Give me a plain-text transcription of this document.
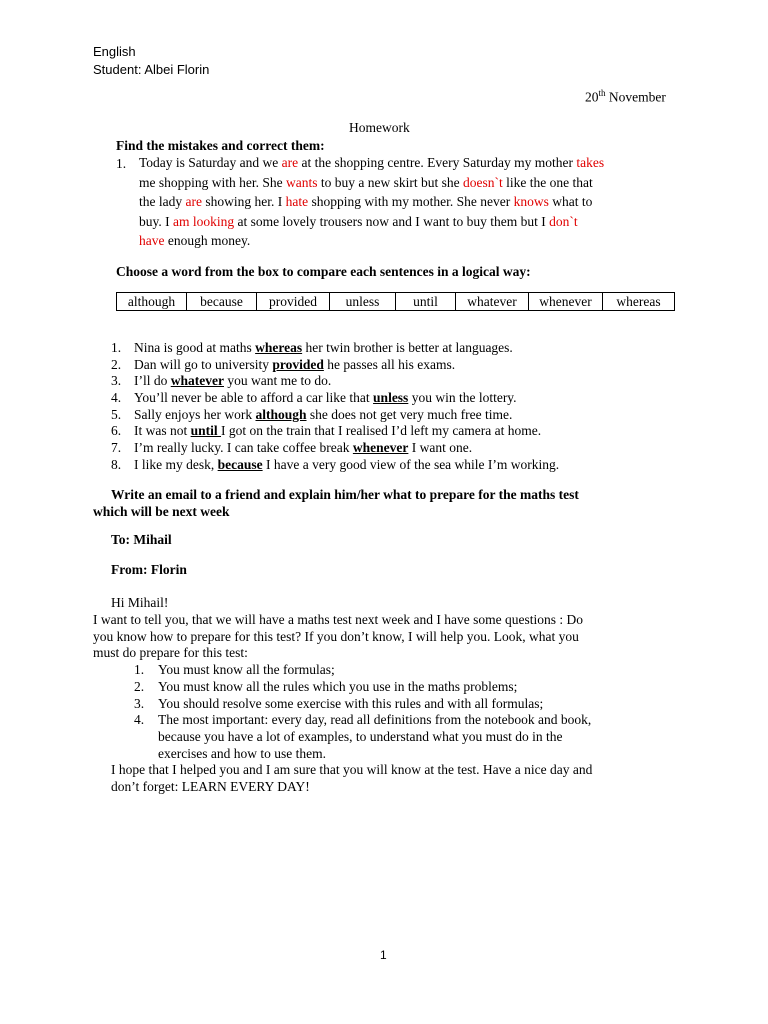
English
Student: Albei Florin
20th November
Homework
Find the mistakes and correct them:
1. Today is Saturday and we are at the shopping centre. Every Saturday my mother takes
me shopping with her. She wants to buy a new skirt but she doesn`t like the one that
the lady are showing her. I hate shopping with my mother. She never knows what to
buy. I am looking at some lovely trousers now and I want to buy them but I don`t
have enough money.
Choose a word from the box to compare each sentences in a logical way:
although	because	provided	unless	until	whatever	whenever	whereas
1. Nina is good at maths whereas her twin brother is better at languages.
2. Dan will go to university provided he passes all his exams.
3. I’ll do whatever you want me to do.
4. You’ll never be able to afford a car like that unless you win the lottery.
5. Sally enjoys her work although she does not get very much free time.
6. It was not until I got on the train that I realised I’d left my camera at home.
7. I’m really lucky. I can take coffee break whenever I want one.
8. I like my desk, because I have a very good view of the sea while I’m working.
Write an email to a friend and explain him/her what to prepare for the maths test
which will be next week
To: Mihail
From: Florin
Hi Mihail!
I want to tell you, that we will have a maths test next week and I have some questions : Do
you know how to prepare for this test? If you don’t know, I will help you. Look, what you
must do prepare for this test:
1.	You must know all the formulas;
2.	You must know all the rules which you use in the maths problems;
3.	You should resolve some exercise with this rules and with all formulas;
4.	The most important: every day, read all definitions from the notebook and book,
because you have a lot of examples, to understand what you must do in the
exercises and how to use them.
I hope that I helped you and I am sure that you will know at the test. Have a nice day and
don’t forget: LEARN EVERY DAY!
1
